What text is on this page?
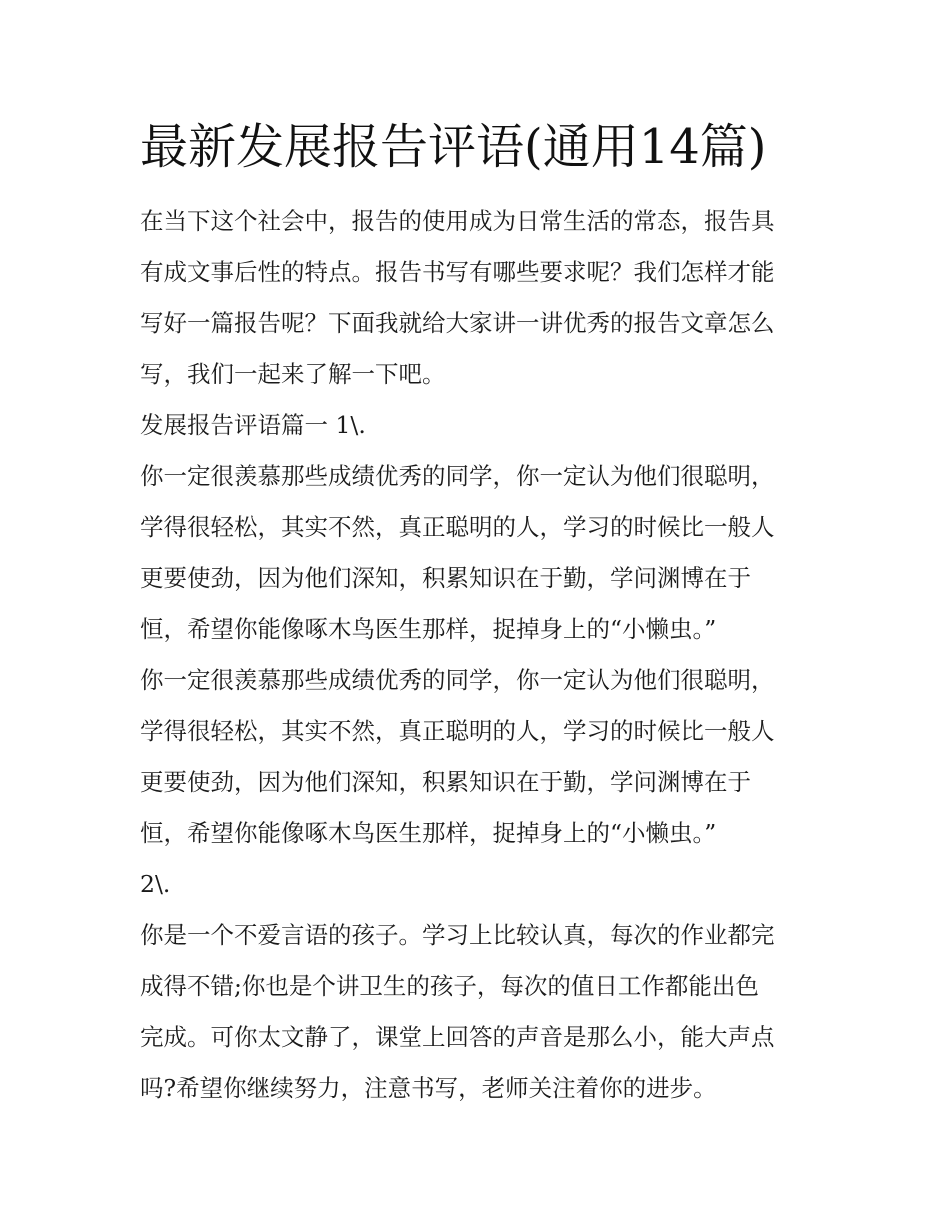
最新发展报告评语(通用14篇)

在当下这个社会中，报告的使用成为日常生活的常态，报告具

有成文事后性的特点。报告书写有哪些要求呢？我们怎样才能

写好一篇报告呢？下面我就给大家讲一讲优秀的报告文章怎么

写，我们一起来了解一下吧。

发展报告评语篇一 1\.

你一定很羡慕那些成绩优秀的同学，你一定认为他们很聪明，

学得很轻松，其实不然，真正聪明的人，学习的时候比一般人

更要使劲，因为他们深知，积累知识在于勤，学问渊博在于

恒，希望你能像啄木鸟医生那样，捉掉身上的“小懒虫。”

你一定很羡慕那些成绩优秀的同学，你一定认为他们很聪明，

学得很轻松，其实不然，真正聪明的人，学习的时候比一般人

更要使劲，因为他们深知，积累知识在于勤，学问渊博在于

恒，希望你能像啄木鸟医生那样，捉掉身上的“小懒虫。”

2\.

你是一个不爱言语的孩子。学习上比较认真，每次的作业都完

成得不错;你也是个讲卫生的孩子，每次的值日工作都能出色

完成。可你太文静了，课堂上回答的声音是那么小，能大声点

吗?希望你继续努力，注意书写，老师关注着你的进步。
